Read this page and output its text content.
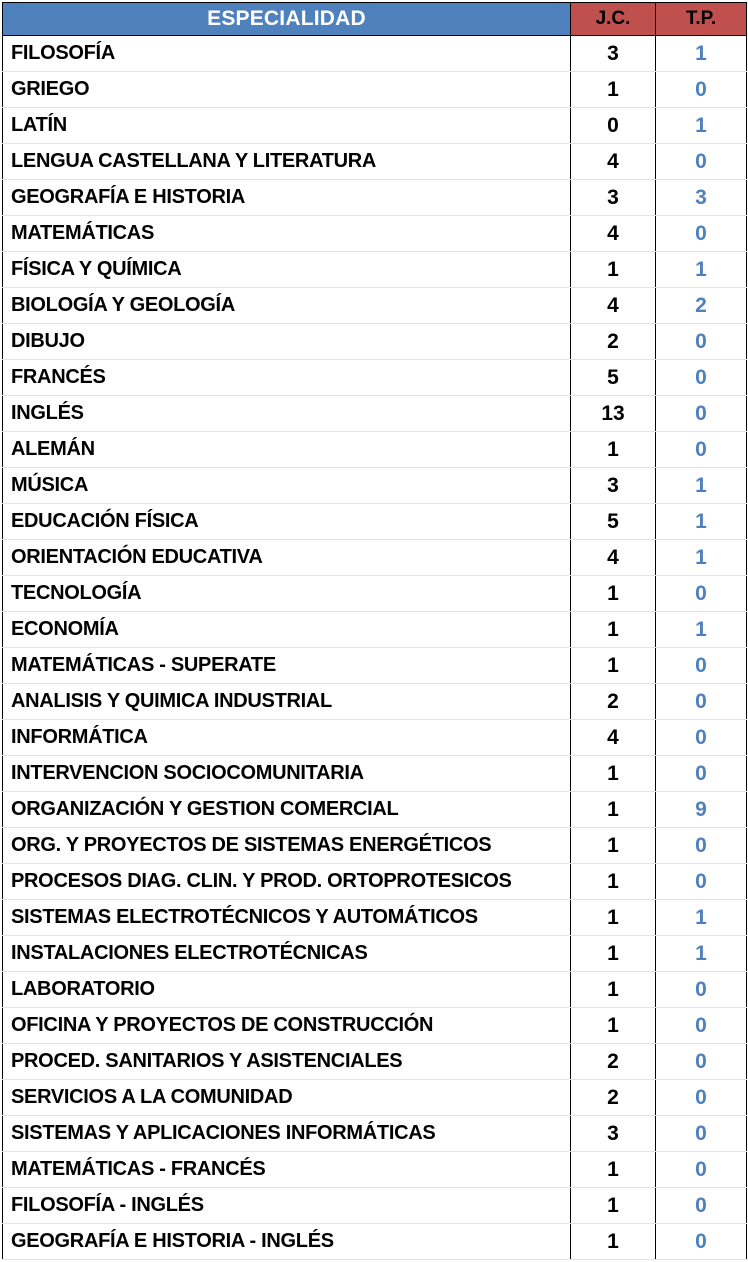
ESPECIALIDAD	J.C.	T.P.
FILOSOFÍA	3	1
GRIEGO	1	0
LATÍN	0	1
LENGUA CASTELLANA Y LITERATURA	4	0
GEOGRAFÍA E HISTORIA	3	3
MATEMÁTICAS	4	0
FÍSICA Y QUÍMICA	1	1
BIOLOGÍA Y GEOLOGÍA	4	2
DIBUJO	2	0
FRANCÉS	5	0
INGLÉS	13	0
ALEMÁN	1	0
MÚSICA	3	1
EDUCACIÓN FÍSICA	5	1
ORIENTACIÓN EDUCATIVA	4	1
TECNOLOGÍA	1	0
ECONOMÍA	1	1
MATEMÁTICAS - SUPERATE	1	0
ANALISIS Y QUIMICA INDUSTRIAL	2	0
INFORMÁTICA	4	0
INTERVENCION SOCIOCOMUNITARIA	1	0
ORGANIZACIÓN Y GESTION COMERCIAL	1	9
ORG. Y PROYECTOS DE SISTEMAS ENERGÉTICOS	1	0
PROCESOS DIAG. CLIN. Y PROD. ORTOPROTESICOS	1	0
SISTEMAS ELECTROTÉCNICOS Y AUTOMÁTICOS	1	1
INSTALACIONES ELECTROTÉCNICAS	1	1
LABORATORIO	1	0
OFICINA Y PROYECTOS DE CONSTRUCCIÓN	1	0
PROCED. SANITARIOS Y ASISTENCIALES	2	0
SERVICIOS A LA COMUNIDAD	2	0
SISTEMAS Y APLICACIONES INFORMÁTICAS	3	0
MATEMÁTICAS - FRANCÉS	1	0
FILOSOFÍA - INGLÉS	1	0
GEOGRAFÍA E HISTORIA - INGLÉS	1	0
